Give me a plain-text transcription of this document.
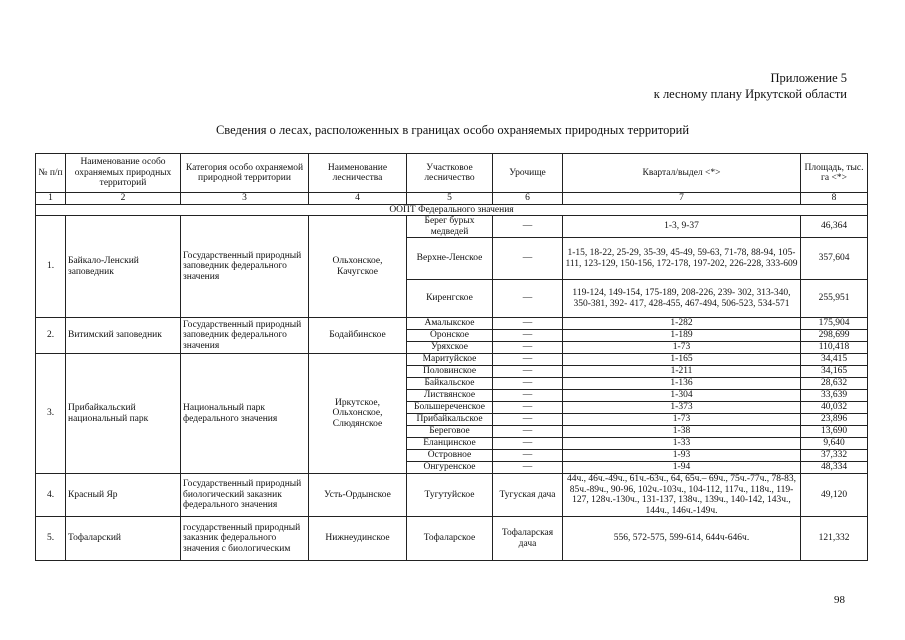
Приложение 5
к лесному плану Иркутской области
Сведения о лесах, расположенных в границах особо охраняемых природных территорий
№ п/п	Наименование особо охраняемых природных территорий	Категория особо охраняемой природной территории	Наименование лесничества	Участковое лесничество	Урочище	Квартал/выдел <*>	Площадь, тыс. га <*>
1	2	3	4	5	6	7	8
ООПТ Федерального значения							
1.	Байкало-Ленский заповедник	Государственный природный заповедник федерального значения	Ольхонское, Качугское	Берег бурых медведей	—	1-3, 9-37	46,364
				Верхне-Ленское	—	1-15, 18-22, 25-29, 35-39, 45-49, 59-63, 71-78, 88-94, 105-111, 123-129, 150-156, 172-178, 197-202, 226-228, 333-609	357,604
				Киренгское	—	119-124, 149-154, 175-189, 208-226, 239- 302, 313-340, 350-381, 392- 417, 428-455, 467-494, 506-523, 534-571	255,951
2.	Витимский заповедник	Государственный природный заповедник федерального значения	Бодайбинское	Амалыкское	—	1-282	175,904
				Оронское	—	1-189	298,699
				Уряхское	—	1-73	110,418
3.	Прибайкальский национальный парк	Национальный парк федерального значения	Иркутское, Ольхонское, Слюдянское	Маритуйское	—	1-165	34,415
				Половинское	—	1-211	34,165
				Байкальское	—	1-136	28,632
				Листвянское	—	1-304	33,639
				Большереченское	—	1-373	40,032
				Прибайкальское	—	1-73	23,896
				Береговое	—	1-38	13,690
				Еланцинское	—	1-33	9,640
				Островное	—	1-93	37,332
				Онгуренское	—	1-94	48,334
4.	Красный Яр	Государственный природный биологический заказник федерального значения	Усть-Ордынское	Тугутуйское	Тугуская дача	44ч., 46ч.-49ч., 61ч.-63ч., 64, 65ч.– 69ч., 75ч.-77ч., 78-83, 85ч.-89ч., 90-96, 102ч.-103ч., 104-112, 117ч., 118ч., 119-127, 128ч.-130ч., 131-137, 138ч., 139ч., 140-142, 143ч., 144ч., 146ч.-149ч.	49,120
5.	Тофаларский	государственный природный заказник федерального значения с биологическим	Нижнеудинское	Тофаларское	Тофаларская дача	556, 572-575, 599-614, 644ч-646ч.	121,332
98
